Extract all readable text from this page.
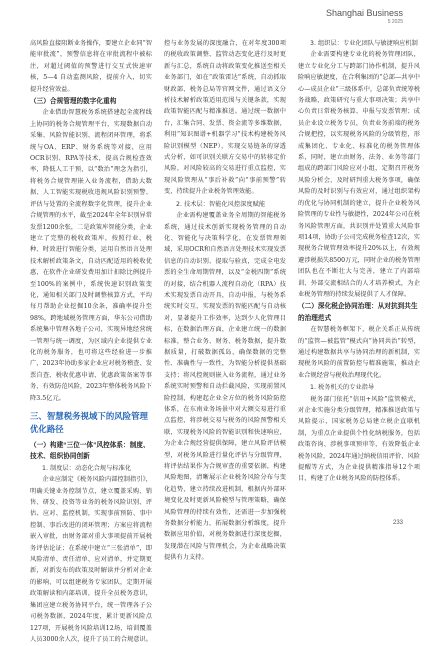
Shanghai Business
5 2025

高风险直接阻断业务操作，要建立企业同“智能审批流”，预警信息将在审批流程中被标注，对超过阈值的预警进行交互式快速审核，5—4 自动监测风险，提前介入，切实提升经营效益。

（三）合规管理的数字化重构

企业借助智慧税务系统搭建起全流程线上协同的税务合规管理平台，实现数据自动采集、风险智能识别、流程闭环管理，将系统与OA、ERP、财务系统等对接，应用OCR识别、RPA等技术，提高合规检查效率，降低人工干预，以“数治”理念为指引，将税务合规管理嵌入业务流程，借助大数据、人工智能实现税收违规风险识别预警、评估与处置的全流程数字化管理，提升企业合规管理的水平，截至2024年全年识别异常发票1200余张，二是政策库智能分类，企业建立了完整的税收政策库，按照行业、税种、时效进行智能分类，运用自然语言处理技术解析政策条文，自动匹配适用的税收优惠，在软件企业研发费用加计扣除比例提升至100%的案例中，系统快速识别政策变化，通知相关部门及时调整核算方式，平均每月帮助企业挖掘10余条，准确率提升至98%，跨地域税务管理方面，华东公司借助系统集中管理各地子公司，实现异地经营统一管理与统一调度，为区域内企业提供专业化的税务服务，也可将这些经验进一步推广，2023年协助多家企业应对税务稽查、发票自查、税收优惠申请、优惠政策备案等事务，有效防范风险，2023年整体税务风险下降3.5亿元。

三、智慧税务视域下的风险管理优化路径
（一）构建“三位一体”风控体系：制度、技术、组织协同创新
1. 制度层：动态化合规与标准化

企业应制定《税务风险内部控制指引》，明确关键业务控制节点，建立覆盖采购、销售、研发、投资等业务的税务风险识别、评估、应对、监控机制，实现事前预防、事中控制、事后改进的闭环管理；方案应将流程嵌入审批，由财务部对重大事项提前开展税务评估论证；在系统中建立“三张清单”，即风险清单、责任清单、应对清单，并定期更新，对新发布的政策及时解读并分析对企业的影响，可以组建税务专家团队，定期开展政策解读和内部培训，提升全员税务意识，集团应建立税务协同平台，统一管理各子公司税务数据，2024年度，累计更新风险点127项，开展税务风险培训12场，培训覆盖人员3000余人次，提升了员工的合规意识。

控与业务发展的深度融合，在对年度300项的税收政策调整、监管动态变化进行及时更新与汇总，系统自动将政策变化推送至相关业务部门，如在“政策雷达”系统，自动抓取财政部、税务总局等官网文件，通过语义分析技术解析政策适用范围与关键条款，实现政策智能匹配与精准推送。通过统一数据中台，汇集合同、发票、资金流等多维数据，利用“知识图谱+机器学习”技术构建税务风险识别模型（NEP），实现交易链条的穿透式分析，如可识别关联方交易中的转移定价风险，对风险较高的交易进行重点监控，实现风险管理从“事后补救”向“事前预警”转变，持续提升企业税务管理效能。

2. 技术层：智能化风控深度赋能

企业需构建覆盖业务全周期的智能税务系统，通过技术创新实现税务管理的自动化、智能化与决策科学化，在发票管理领域，采用OCR和自然语言处理技术实现发票信息的自动识别、提取与验真，完成全电发票的全生命周期管理，以及“金税四期”系统的对接，结合机器人流程自动化（RPA）技术实现发票自动开具，自动申报，与税务系统实时交互，实现发票的智能匹配与自动核对，显著提升工作效率，达到少人化管理目标，在数据治理方面，企业建立统一的数据标准，整合业务、财务、税务数据，提升数据质量，打破数据孤岛，确保数据的完整性、准确性与一致性，为智能分析提供基础支持；将风控规则嵌入业务流程，通过业务系统实时预警和自动拦截风险，实现前置风险控制，构建起企业全方位的税务风险防控体系，在东南业务场景中对大额交易进行重点监控，将涉税交易与税务的风险预警相关联，实现税务风险的智能识别和快速响应，为企业合规经营提供保障，建立风险评估模型，对税务风险进行量化评估与分级管理，将评估结果作为合规审查的重要依据，构建风险地图，清晰展示企业税务风险分布与变化趋势，建立持续改进机制，根据内外部环境变化及时更新风险模型与管理策略，确保风险管理的持续有效性，还需进一步加强税务数据分析能力，拓展数据分析维度，提升数据应用价值，对税务数据进行深度挖掘，发现潜在风险与管理机会，为企业战略决策提供有力支持。

3. 组织层：专业化团队与敏捷响应机制

企业需要构建专业化的税务管理团队，建立专业化分工与跨部门协作机制，提升风险响应敏捷度，在合利集团的“总部—共享中心—成员企业”三级体系中，总部负责统筹税务战略、政策研究与重大事项决策；共享中心负责日常税务核算、申报与发票管理；成员企业设立税务专员，负责业务前端的税务合规把控，以实现税务风险的分级管控，形成集团化、专业化、标准化的税务管理体系，同时，建立由财务、法务、业务等部门组成的跨部门风险应对小组，定期召开税务风险分析会，及时研判重大税务事项，确保风险的及时识别与有效应对，通过组织架构的优化与协同机制的建立，提升企业税务风险管理的专业性与敏捷性，2024年公司在税务风险管理方面，共识别并处置重大风险事项14项，协助子公司完成税务检查12次，实现税务合规管理效率提升20%以上，有效规避涉税损失8500万元，同时企业的税务管理团队也在不断壮大与完善，建立了内部培训、外部交流相结合的人才培养模式，为企业税务管理的持续发展提供了人才保障。

（二）深化税企协同治理：从对抗到共生的治理范式

在智慧税务框架下，税企关系正从传统的“监管—被监管”模式向“协同共治”转型，通过构建数据共享与协同治理的新机制，实现税务风险的前置防控与精准施策，推动企业合规经营与税收治理现代化。

1. 税务机关的专业指导

税务部门依托“信用+风险”监管模式，对企业实施分类分级管理，精准推送政策与风险提示，国家税务总局建立税企直联机制，为重点企业提供个性化纳税服务，包括政策咨询、涉税事项预审等，有效降低企业税务风险，2024年通过纳税信用评价、风险提醒等方式，为企业提供精准指导12个项目，构建了企业税务风险的防控体系。

233
